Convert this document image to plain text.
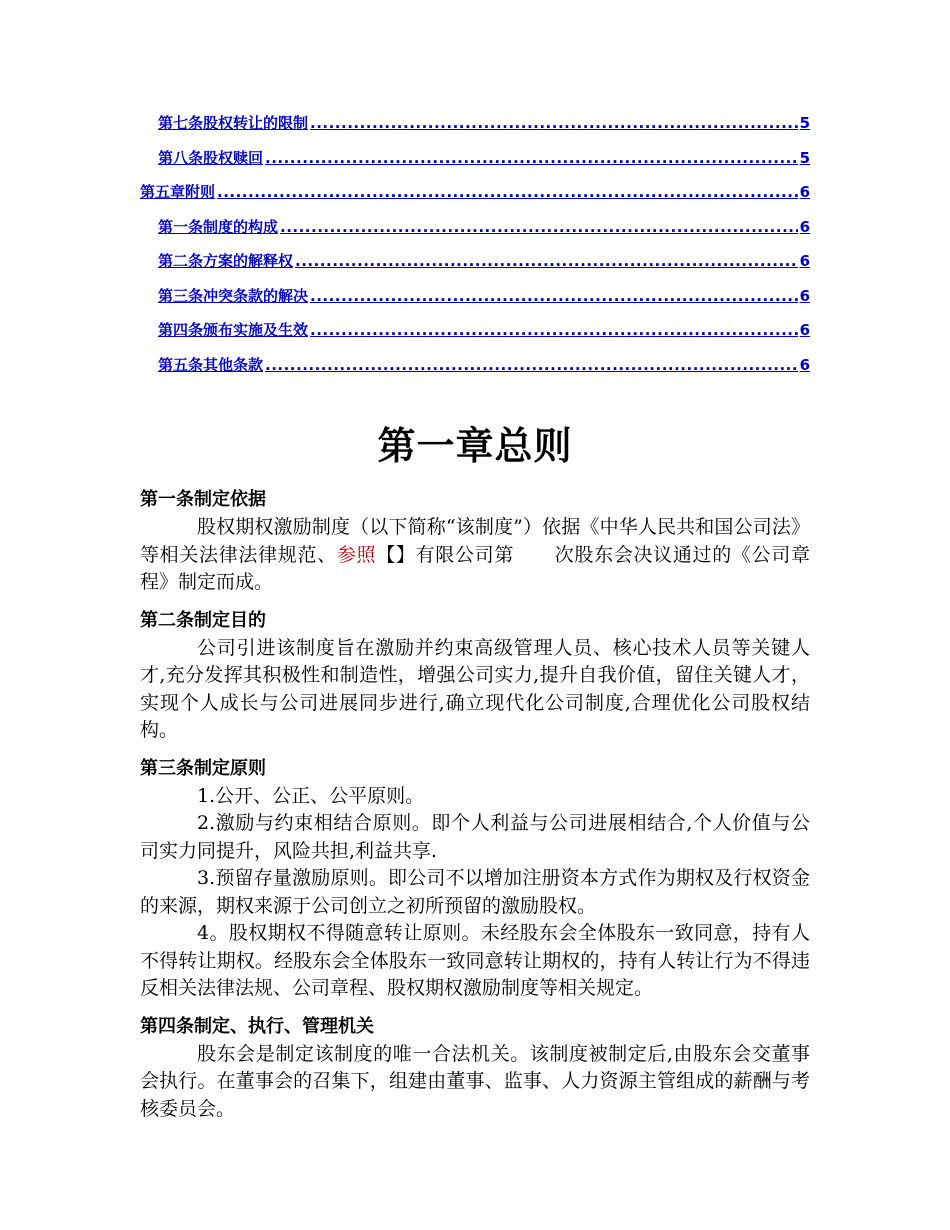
第七条股权转让的限制 .....	5
第八条股权赎回 .....	5
第五章附则 .....	6
第一条制度的构成 .....	6
第二条方案的解释权 .....	6
第三条冲突条款的解决 .....	6
第四条颁布实施及生效 .....	6
第五条其他条款 .....	6
第一章总则
第一条制定依据

股权期权激励制度（以下简称“该制度”）依据《中华人民共和国公司法》等相关法律法律规范、参照【】有限公司第 次股东会决议通过的《公司章程》制定而成。

第二条制定目的

公司引进该制度旨在激励并约束高级管理人员、核心技术人员等关键人才,充分发挥其积极性和制造性，增强公司实力,提升自我价值，留住关键人才，实现个人成长与公司进展同步进行,确立现代化公司制度,合理优化公司股权结构。

第三条制定原则

1.公开、公正、公平原则。

2.激励与约束相结合原则。即个人利益与公司进展相结合,个人价值与公司实力同提升，风险共担,利益共享.

3.预留存量激励原则。即公司不以增加注册资本方式作为期权及行权资金的来源，期权来源于公司创立之初所预留的激励股权。

4。股权期权不得随意转让原则。未经股东会全体股东一致同意，持有人不得转让期权。经股东会全体股东一致同意转让期权的，持有人转让行为不得违反相关法律法规、公司章程、股权期权激励制度等相关规定。

第四条制定、执行、管理机关

股东会是制定该制度的唯一合法机关。该制度被制定后,由股东会交董事会执行。在董事会的召集下，组建由董事、监事、人力资源主管组成的薪酬与考核委员会。
